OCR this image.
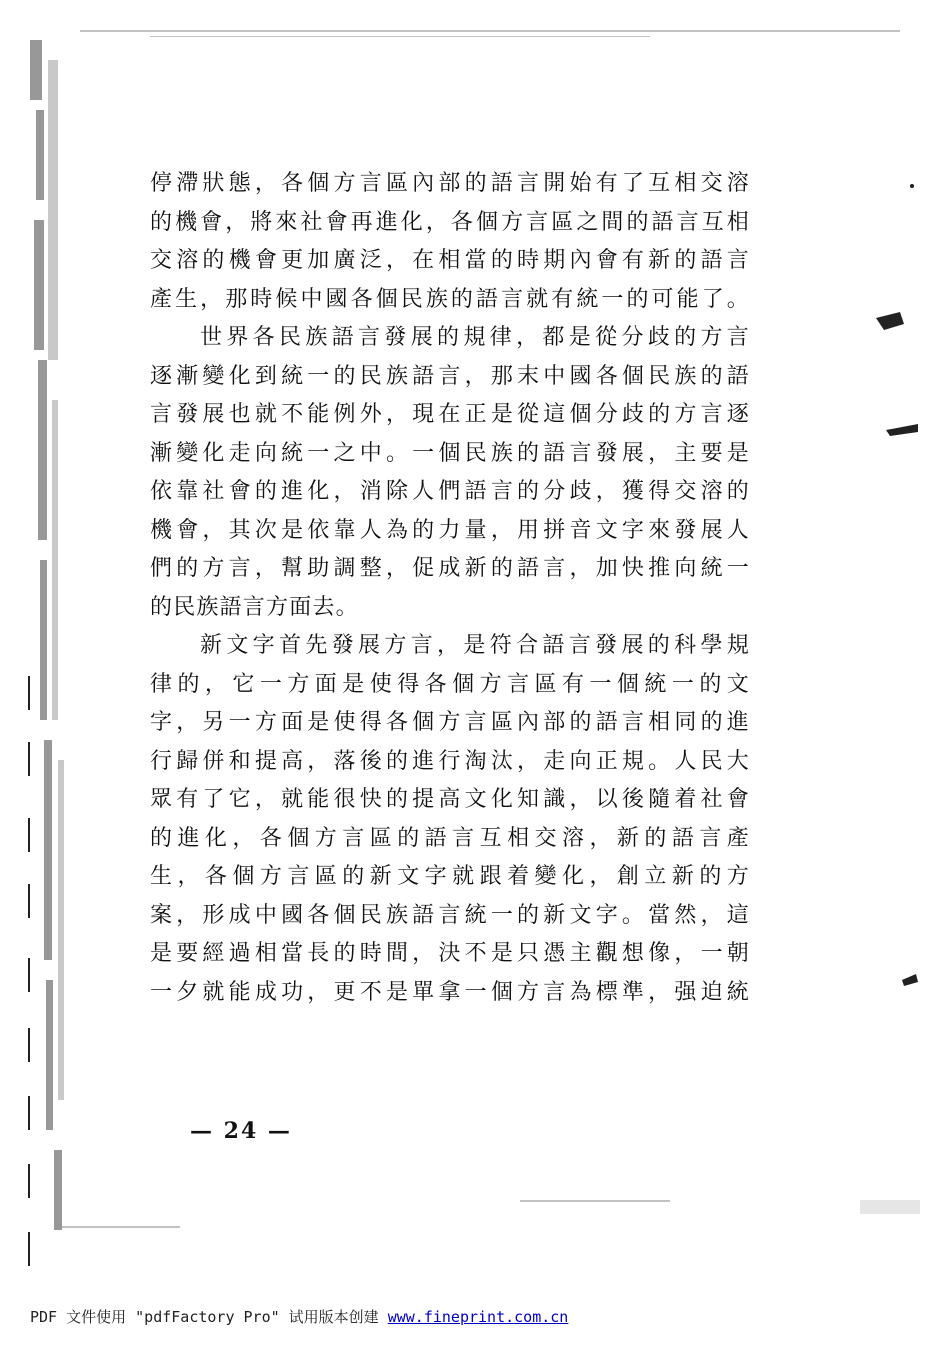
停滯狀態，各個方言區內部的語言開始有了互相交溶
的機會，將來社會再進化，各個方言區之間的語言互相
交溶的機會更加廣泛，在相當的時期內會有新的語言
產生，那時候中國各個民族的語言就有統一的可能了。
世界各民族語言發展的規律，都是從分歧的方言
逐漸變化到統一的民族語言，那末中國各個民族的語
言發展也就不能例外，現在正是從這個分歧的方言逐
漸變化走向統一之中。一個民族的語言發展，主要是
依靠社會的進化，消除人們語言的分歧，獲得交溶的
機會，其次是依靠人為的力量，用拼音文字來發展人
們的方言，幫助調整，促成新的語言，加快推向統一
的民族語言方面去。
新文字首先發展方言，是符合語言發展的科學規
律的，它一方面是使得各個方言區有一個統一的文
字，另一方面是使得各個方言區內部的語言相同的進
行歸併和提高，落後的進行淘汰，走向正規。人民大
眾有了它，就能很快的提高文化知識，以後隨着社會
的進化，各個方言區的語言互相交溶，新的語言產
生，各個方言區的新文字就跟着變化，創立新的方
案，形成中國各個民族語言統一的新文字。當然，這
是要經過相當長的時間，決不是只憑主觀想像，一朝
一夕就能成功，更不是單拿一個方言為標準，强迫統
— 24 —
PDF 文件使用 "pdfFactory Pro" 试用版本创建 www.fineprint.com.cn
